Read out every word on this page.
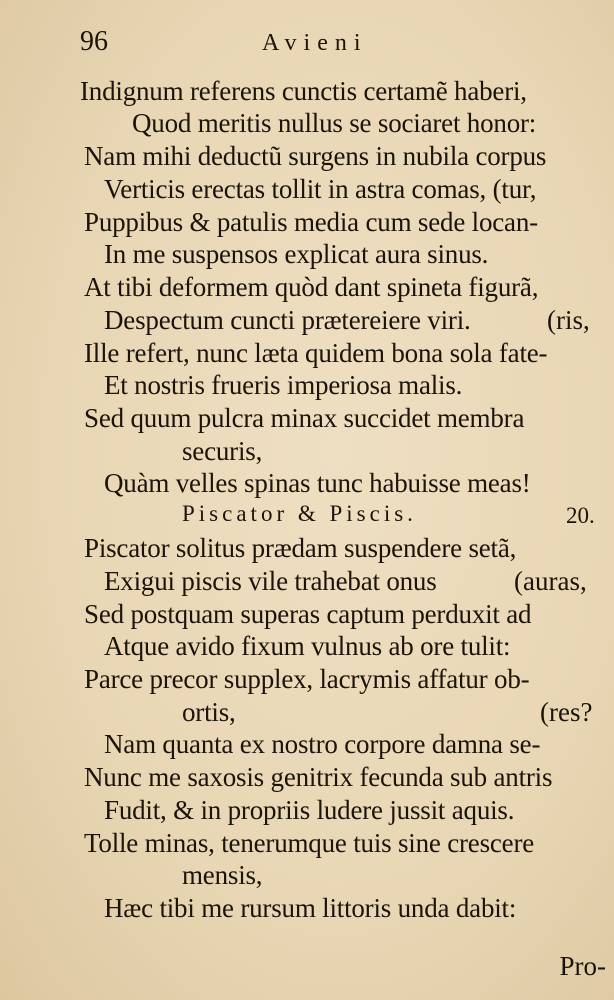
96	Avieni
Indignum referens cunctis certamẽ haberi,
Quod meritis nullus se sociaret honor:
Nam mihi deductũ surgens in nubila corpus
Verticis erectas tollit in astra comas, (tur,
Puppibus & patulis media cum sede locan-
In me suspensos explicat aura sinus.
At tibi deformem quòd dant spineta figurã,
Despectum cuncti prætereiere viri.	(ris,
Ille refert, nunc læta quidem bona sola fate-
Et nostris frueris imperiosa malis.
Sed quum pulcra minax succidet membra
securis,
Quàm velles spinas tunc habuisse meas!
Piscator & Piscis.	20.
Piscator solitus prædam suspendere setã,
Exigui piscis vile trahebat onus	(auras,
Sed postquam superas captum perduxit ad
Atque avido fixum vulnus ab ore tulit:
Parce precor supplex, lacrymis affatur ob-
ortis,	(res?
Nam quanta ex nostro corpore damna se-
Nunc me saxosis genitrix fecunda sub antris
Fudit, & in propriis ludere jussit aquis.
Tolle minas, tenerumque tuis sine crescere
mensis,
Hæc tibi me rursum littoris unda dabit:
Pro-
